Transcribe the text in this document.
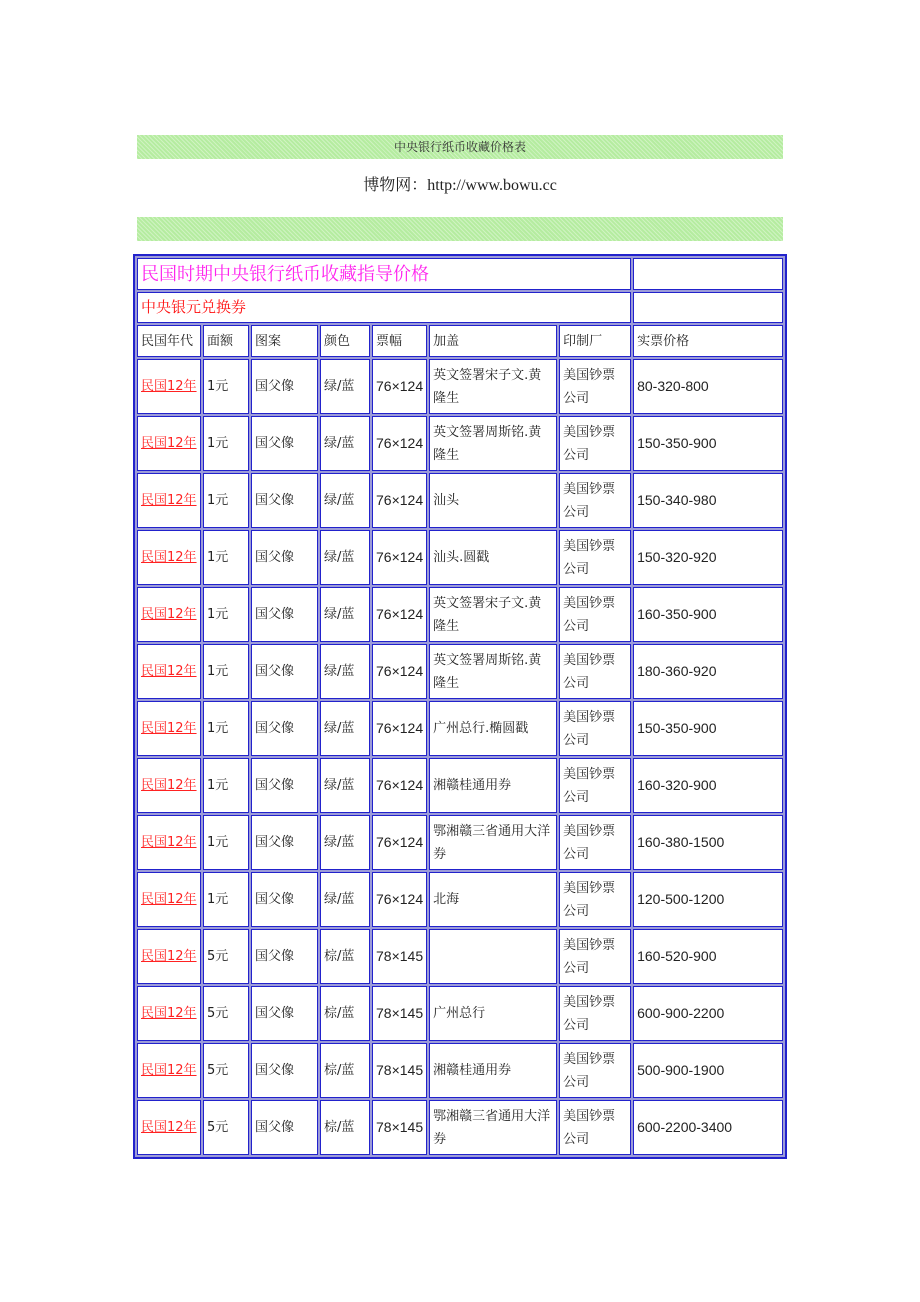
中央银行纸币收藏价格表
博物网：http://www.bowu.cc
民国时期中央银行纸币收藏指导价格							
中央银元兑换券							
民国年代	面额	图案	颜色	票幅	加盖	印制厂	实票价格
民国12年	1元	国父像	绿/蓝	76×124	英文签署宋子文.黄隆生	美国钞票公司	80-320-800
民国12年	1元	国父像	绿/蓝	76×124	英文签署周斯铭.黄隆生	美国钞票公司	150-350-900
民国12年	1元	国父像	绿/蓝	76×124	汕头	美国钞票公司	150-340-980
民国12年	1元	国父像	绿/蓝	76×124	汕头.圆戳	美国钞票公司	150-320-920
民国12年	1元	国父像	绿/蓝	76×124	英文签署宋子文.黄隆生	美国钞票公司	160-350-900
民国12年	1元	国父像	绿/蓝	76×124	英文签署周斯铭.黄隆生	美国钞票公司	180-360-920
民国12年	1元	国父像	绿/蓝	76×124	广州总行.椭圆戳	美国钞票公司	150-350-900
民国12年	1元	国父像	绿/蓝	76×124	湘赣桂通用券	美国钞票公司	160-320-900
民国12年	1元	国父像	绿/蓝	76×124	鄂湘赣三省通用大洋券	美国钞票公司	160-380-1500
民国12年	1元	国父像	绿/蓝	76×124	北海	美国钞票公司	120-500-1200
民国12年	5元	国父像	棕/蓝	78×145		美国钞票公司	160-520-900
民国12年	5元	国父像	棕/蓝	78×145	广州总行	美国钞票公司	600-900-2200
民国12年	5元	国父像	棕/蓝	78×145	湘赣桂通用券	美国钞票公司	500-900-1900
民国12年	5元	国父像	棕/蓝	78×145	鄂湘赣三省通用大洋券	美国钞票公司	600-2200-3400
